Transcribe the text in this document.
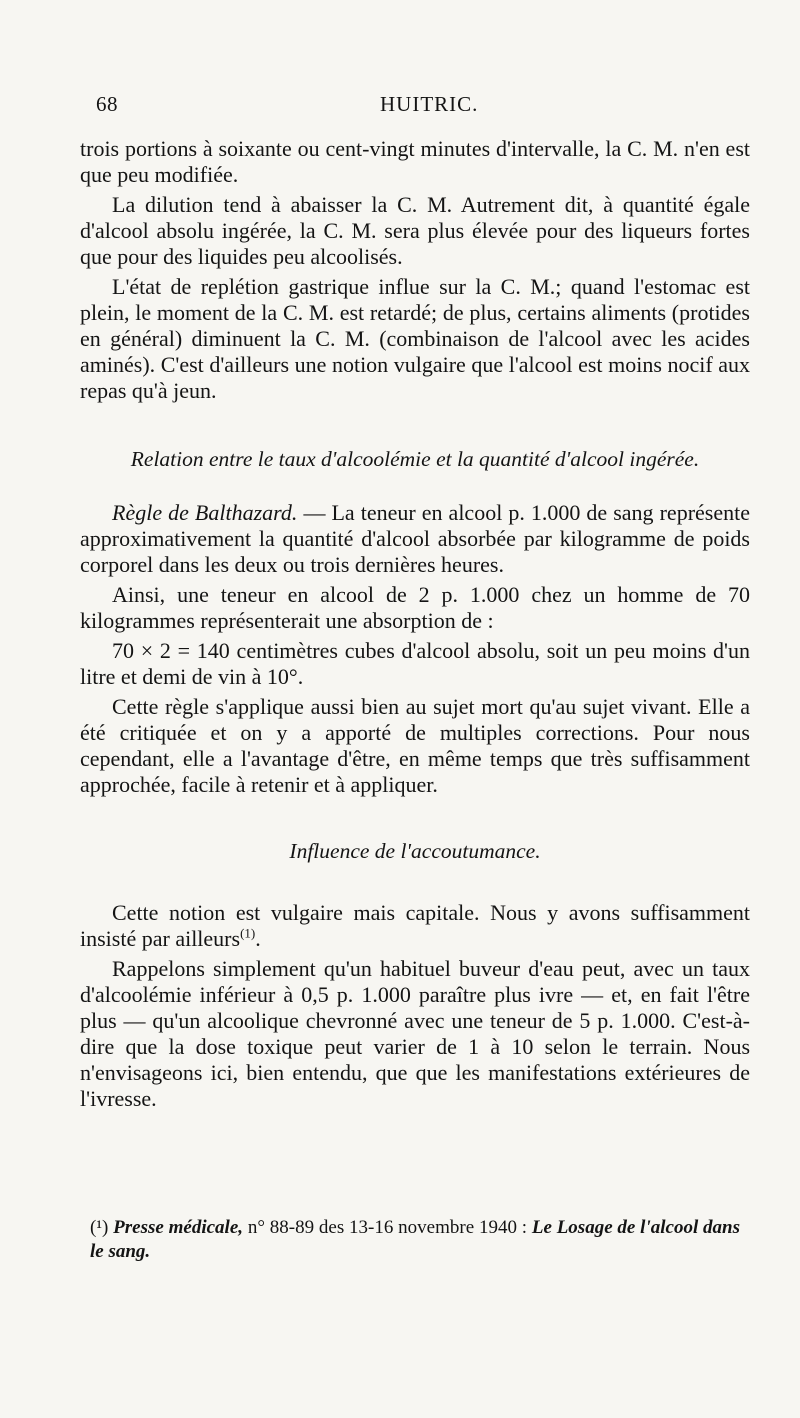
68	HUITRIC.

trois portions à soixante ou cent-vingt minutes d'intervalle, la C. M. n'en est que peu modifiée.

La dilution tend à abaisser la C. M. Autrement dit, à quantité égale d'alcool absolu ingérée, la C. M. sera plus élevée pour des liqueurs fortes que pour des liquides peu alcoolisés.

L'état de replétion gastrique influe sur la C. M.; quand l'estomac est plein, le moment de la C. M. est retardé; de plus, certains aliments (protides en général) diminuent la C. M. (combinaison de l'alcool avec les acides aminés). C'est d'ailleurs une notion vulgaire que l'alcool est moins nocif aux repas qu'à jeun.

Relation entre le taux d'alcoolémie et la quantité d'alcool ingérée.

Règle de Balthazard. — La teneur en alcool p. 1.000 de sang représente approximativement la quantité d'alcool absorbée par kilogramme de poids corporel dans les deux ou trois dernières heures.

Ainsi, une teneur en alcool de 2 p. 1.000 chez un homme de 70 kilogrammes représenterait une absorption de :

70 × 2 = 140 centimètres cubes d'alcool absolu, soit un peu moins d'un litre et demi de vin à 10°.

Cette règle s'applique aussi bien au sujet mort qu'au sujet vivant. Elle a été critiquée et on y a apporté de multiples corrections. Pour nous cependant, elle a l'avantage d'être, en même temps que très suffisamment approchée, facile à retenir et à appliquer.

Influence de l'accoutumance.

Cette notion est vulgaire mais capitale. Nous y avons suffisamment insisté par ailleurs$^{(1)}$.

Rappelons simplement qu'un habituel buveur d'eau peut, avec un taux d'alcoolémie inférieur à 0,5 p. 1.000 paraître plus ivre — et, en fait l'être plus — qu'un alcoolique chevronné avec une teneur de 5 p. 1.000. C'est-à-dire que la dose toxique peut varier de 1 à 10 selon le terrain. Nous n'envisageons ici, bien entendu, que que les manifestations extérieures de l'ivresse.

(¹) Presse médicale, n° 88-89 des 13-16 novembre 1940 : Le Losage de l'alcool dans le sang.
